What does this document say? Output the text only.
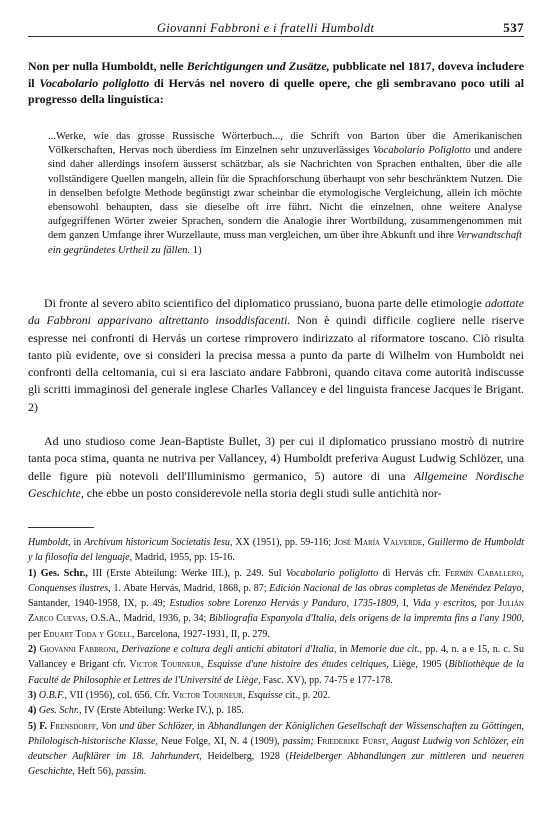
Giovanni Fabbroni e i fratelli Humboldt	537

Non per nulla Humboldt, nelle Berichtigungen und Zusätze, pubblicate nel 1817, doveva includere il Vocabolario poliglotto di Hervás nel novero di quelle opere, che gli sembravano poco utili al progresso della linguistica:

...Werke, wie das grosse Russische Wörterbuch..., die Schrift von Barton über die Amerikanischen Völkerschaften, Hervas noch überdiess im Einzelnen sehr unzuverlässiges Vocabolario Poliglotto und andere sind daher allerdings insofern äusserst schätzbar, als sie Nachrichten von Sprachen enthalten, über die alle vollständigere Quellen mangeln, allein für die Sprachforschung überhaupt von sehr beschränktem Nutzen. Die in denselben befolgte Methode begünstigt zwar scheinbar die etymologische Vergleichung, allein ich möchte ebensowohl behaupten, dass sie dieselbe oft irre führt. Nicht die einzelnen, ohne weitere Analyse aufgegriffenen Wörter zweier Sprachen, sondern die Analogie ihrer Wortbildung, zusammengenommen mit dem ganzen Umfange ihrer Wurzellaute, muss man vergleichen, um über ihre Abkunft und ihre Verwandtschaft ein gegründetes Urtheil zu fällen. 1)

Di fronte al severo abito scientifico del diplomatico prussiano, buona parte delle etimologie adottate da Fabbroni apparivano altrettanto insoddisfacenti. Non è quindi difficile cogliere nelle riserve espresse nei confronti di Hervás un cortese rimprovero indirizzato al riformatore toscano. Ciò risulta tanto più evidente, ove si consideri la precisa messa a punto da parte di Wilhelm von Humboldt nei confronti della celtomania, cui si era lasciato andare Fabbroni, quando citava come autorità indiscusse gli scritti immaginosi del generale inglese Charles Vallancey e del linguista francese Jacques le Brigant. 2)

Ad uno studioso come Jean-Baptiste Bullet, 3) per cui il diplomatico prussiano mostrò di nutrire tanta poca stima, quanta ne nutriva per Vallancey, 4) Humboldt preferiva August Ludwig Schlözer, una delle figure più notevoli dell'Illuminismo germanico, 5) autore di una Allgemeine Nordische Geschichte, che ebbe un posto considerevole nella storia degli studi sulle antichità nor-

Humboldt, in Archivum historicum Societatis Iesu, XX (1951), pp. 59-116; José María Valverde, Guillermo de Humboldt y la filosofía del lenguaje, Madrid, 1955, pp. 15-16.

1) Ges. Schr., III (Erste Abteilung: Werke III.), p. 249. Sul Vocabolario poliglotto di Hervás cfr. Fermín Caballero, Conquenses ilustres, 1. Abate Hervás, Madrid, 1868, p. 87; Edición Nacional de las obras completas de Menéndez Pelayo, Santander, 1940-1958, IX, p. 49; Estudios sobre Lorenzo Hervás y Panduro, 1735-1809, I, Vida y escritos, por Julián Zarco Cuevas, O.S.A., Madrid, 1936, p. 34; Bibliografía Espanyola d'Italia, dels origens de la impremta fins a l'any 1900, per Eduart Toda y Güell, Barcelona, 1927-1931, II, p. 279.

2) Giovanni Fabbroni, Derivazione e coltura degli antichi abitatori d'Italia, in Memorie due cit., pp. 4, n. a e 15, n. c. Su Vallancey e Brigant cfr. Victor Tourneur, Esquisse d'une histoire des études celtiques, Liège, 1905 (Bibliothèque de la Faculté de Philosophie et Lettres de l'Université de Liège, Fasc. XV), pp. 74-75 e 177-178.

3) O.B.F., VII (1956), col. 656. Cfr. Victor Tourneur, Esquisse cit., p. 202.

4) Ges. Schr., IV (Erste Abteilung: Werke IV.), p. 185.

5) F. Frensdorff, Von und über Schlözer, in Abhandlungen der Königlichen Gesellschaft der Wissenschaften zu Göttingen, Philologisch-historische Klasse, Neue Folge, XI, N. 4 (1909), passim; Friederike Fürst, August Ludwig von Schlözer, ein deutscher Aufklärer im 18. Jahrhundert, Heidelberg, 1928 (Heidelberger Abhandlungen zur mittleren und neueren Geschichte, Heft 56), passim.
